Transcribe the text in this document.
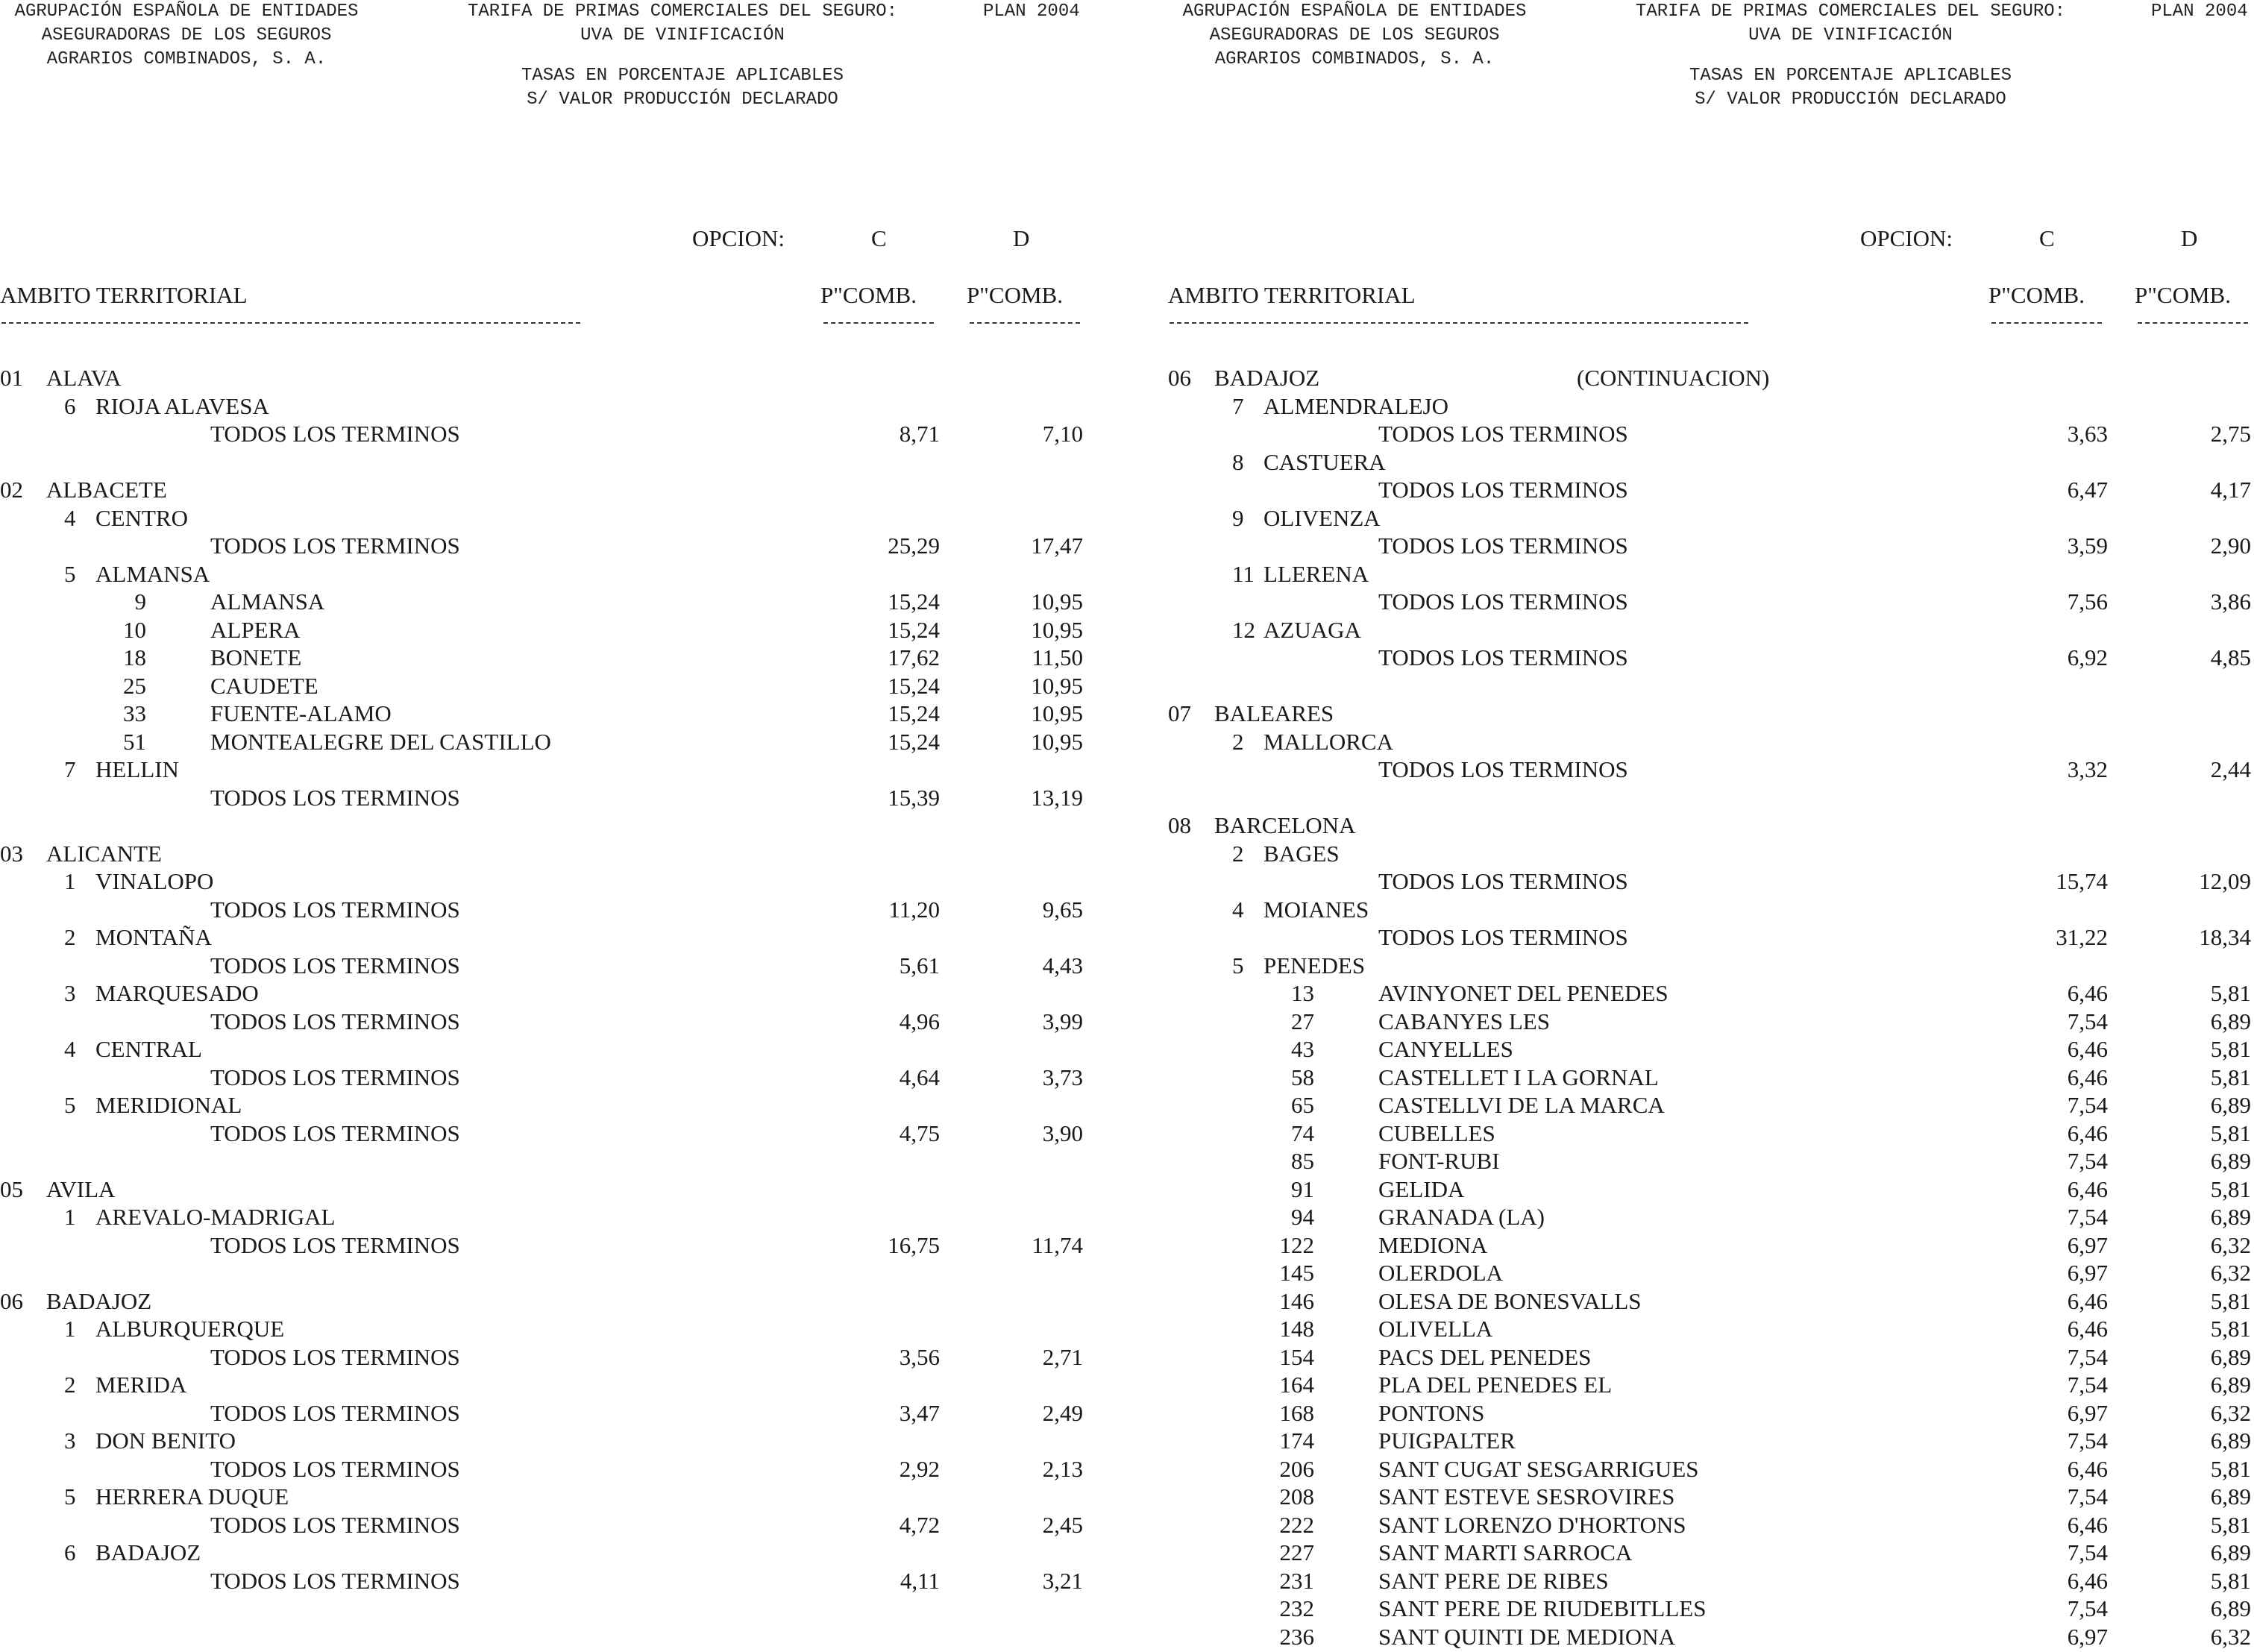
AGRUPACIÓN ESPAÑOLA DE ENTIDADES
ASEGURADORAS DE LOS SEGUROS
AGRARIOS COMBINADOS, S. A.
TARIFA DE PRIMAS COMERCIALES DEL SEGURO:
UVA DE VINIFICACIÓN
PLAN 2004
TASAS EN PORCENTAJE APLICABLES
S/ VALOR PRODUCCIÓN DECLARADO
OPCION:	C	D
AMBITO TERRITORIAL	P"COMB. P"COMB.
01 ALAVA
6 RIOJA ALAVESA
TODOS LOS TERMINOS	8,71	7,10
02 ALBACETE
4 CENTRO
TODOS LOS TERMINOS	25,29	17,47
5 ALMANSA
9	ALMANSA	15,24	10,95
10	ALPERA	15,24	10,95
18	BONETE	17,62	11,50
25	CAUDETE	15,24	10,95
33	FUENTE-ALAMO	15,24	10,95
51	MONTEALEGRE DEL CASTILLO	15,24	10,95
7 HELLIN
TODOS LOS TERMINOS	15,39	13,19
03 ALICANTE
1 VINALOPO
TODOS LOS TERMINOS	11,20	9,65
2 MONTAÑA
TODOS LOS TERMINOS	5,61	4,43
3 MARQUESADO
TODOS LOS TERMINOS	4,96	3,99
4 CENTRAL
TODOS LOS TERMINOS	4,64	3,73
5 MERIDIONAL
TODOS LOS TERMINOS	4,75	3,90
05 AVILA
1 AREVALO-MADRIGAL
TODOS LOS TERMINOS	16,75	11,74
06 BADAJOZ
1 ALBURQUERQUE
TODOS LOS TERMINOS	3,56	2,71
2 MERIDA
TODOS LOS TERMINOS	3,47	2,49
3 DON BENITO
TODOS LOS TERMINOS	2,92	2,13
5 HERRERA DUQUE
TODOS LOS TERMINOS	4,72	2,45
6 BADAJOZ
TODOS LOS TERMINOS	4,11	3,21
AGRUPACIÓN ESPAÑOLA DE ENTIDADES
ASEGURADORAS DE LOS SEGUROS
AGRARIOS COMBINADOS, S. A.
TARIFA DE PRIMAS COMERCIALES DEL SEGURO:
UVA DE VINIFICACIÓN
PLAN 2004
TASAS EN PORCENTAJE APLICABLES
S/ VALOR PRODUCCIÓN DECLARADO
OPCION:	C	D
AMBITO TERRITORIAL	P"COMB. P"COMB.
06 BADAJOZ	(CONTINUACION)
7 ALMENDRALEJO
TODOS LOS TERMINOS	3,63	2,75
8 CASTUERA
TODOS LOS TERMINOS	6,47	4,17
9 OLIVENZA
TODOS LOS TERMINOS	3,59	2,90
11 LLERENA
TODOS LOS TERMINOS	7,56	3,86
12 AZUAGA
TODOS LOS TERMINOS	6,92	4,85
07 BALEARES
2 MALLORCA
TODOS LOS TERMINOS	3,32	2,44
08 BARCELONA
2 BAGES
TODOS LOS TERMINOS	15,74	12,09
4 MOIANES
TODOS LOS TERMINOS	31,22	18,34
5 PENEDES
13	AVINYONET DEL PENEDES	6,46	5,81
27	CABANYES LES	7,54	6,89
43	CANYELLES	6,46	5,81
58	CASTELLET I LA GORNAL	6,46	5,81
65	CASTELLVI DE LA MARCA	7,54	6,89
74	CUBELLES	6,46	5,81
85	FONT-RUBI	7,54	6,89
91	GELIDA	6,46	5,81
94	GRANADA (LA)	7,54	6,89
122	MEDIONA	6,97	6,32
145	OLERDOLA	6,97	6,32
146	OLESA DE BONESVALLS	6,46	5,81
148	OLIVELLA	6,46	5,81
154	PACS DEL PENEDES	7,54	6,89
164	PLA DEL PENEDES EL	7,54	6,89
168	PONTONS	6,97	6,32
174	PUIGPALTER	7,54	6,89
206	SANT CUGAT SESGARRIGUES	6,46	5,81
208	SANT ESTEVE SESROVIRES	7,54	6,89
222	SANT LORENZO D'HORTONS	6,46	5,81
227	SANT MARTI SARROCA	7,54	6,89
231	SANT PERE DE RIBES	6,46	5,81
232	SANT PERE DE RIUDEBITLLES	7,54	6,89
236	SANT QUINTI DE MEDIONA	6,97	6,32
